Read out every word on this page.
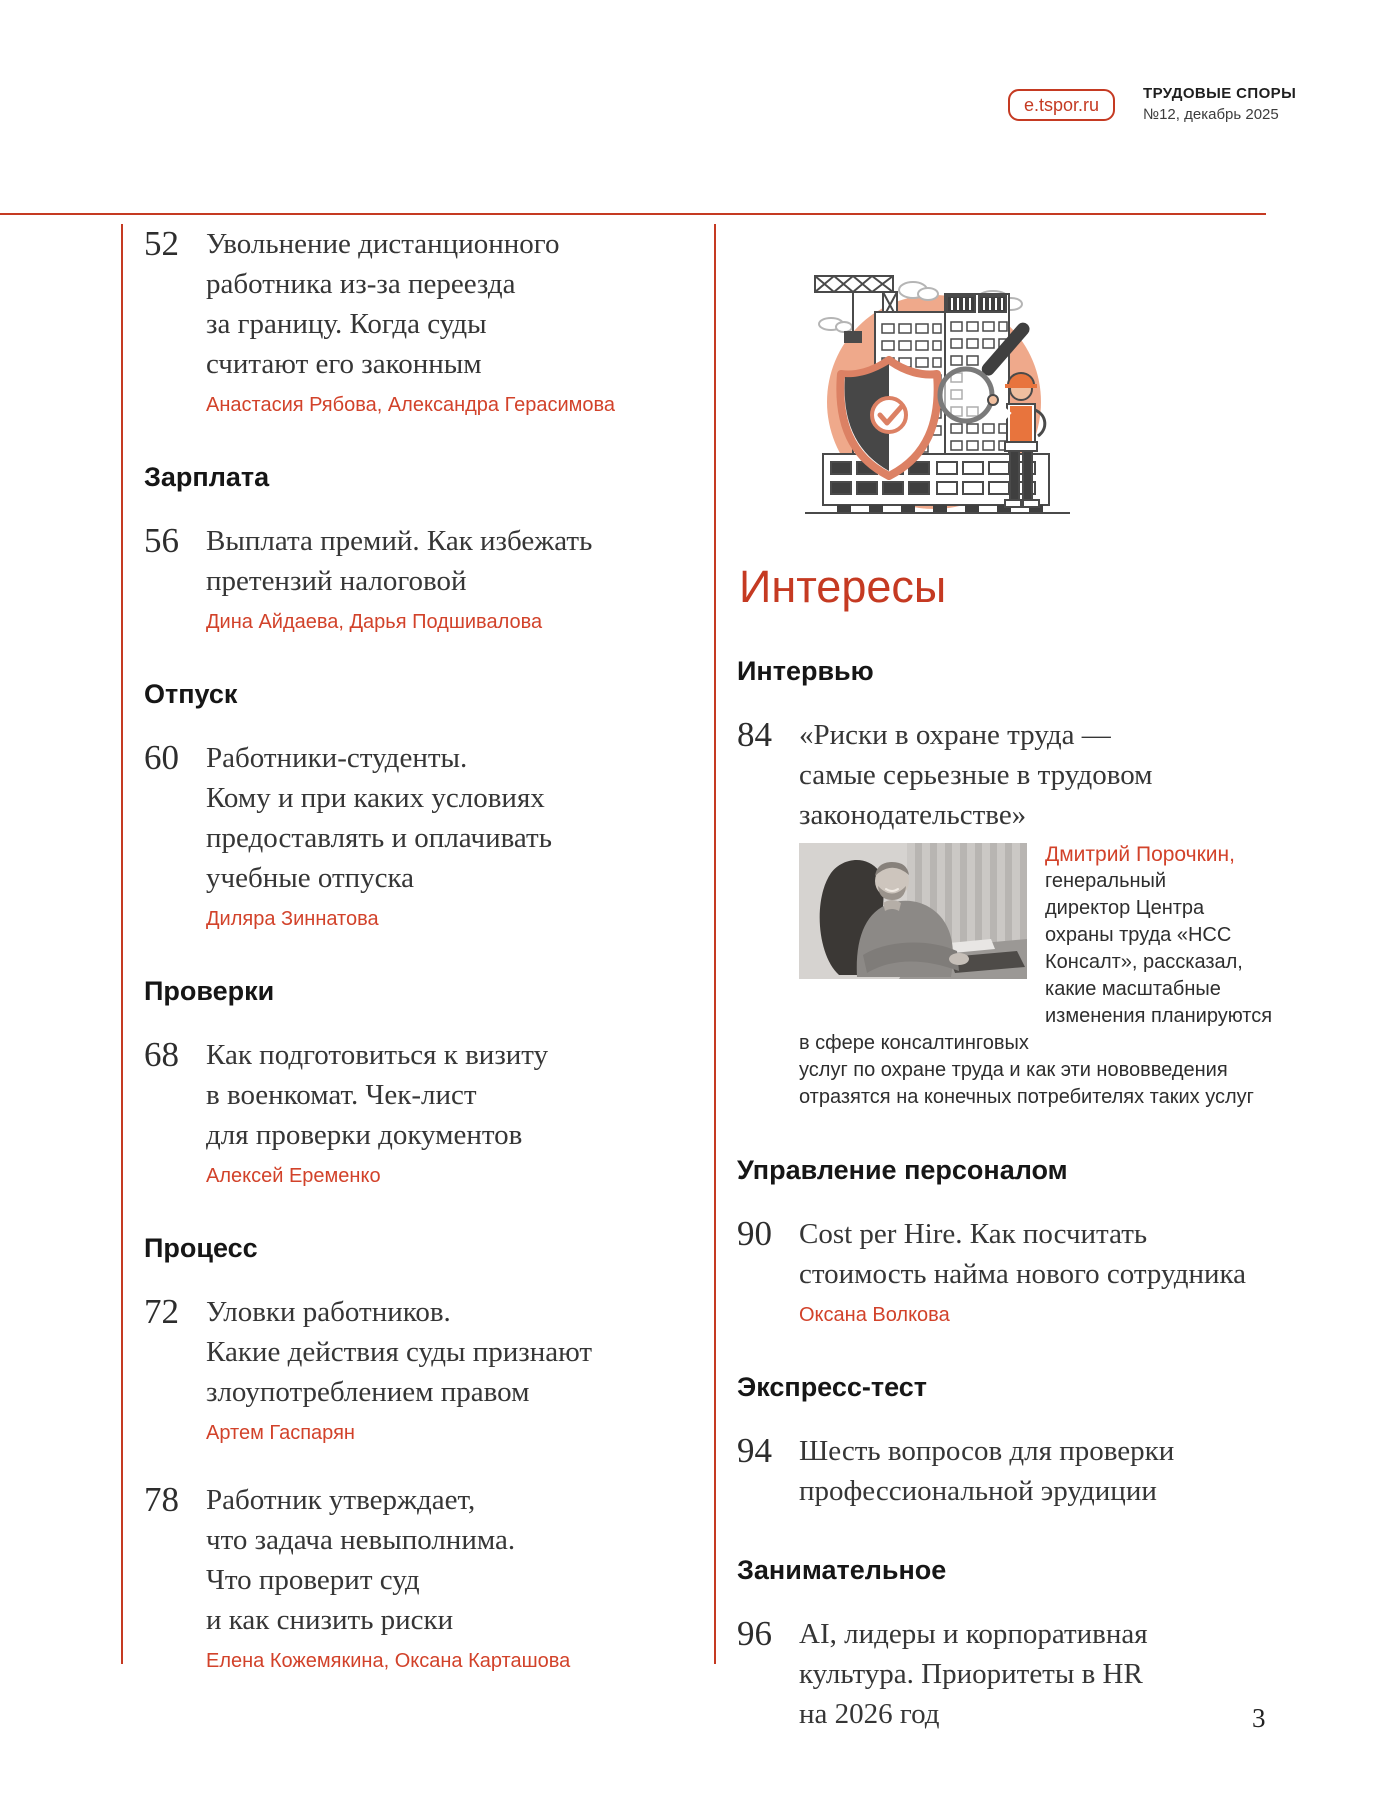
e.tspor.ru
ТРУДОВЫЕ СПОРЫ
№12, декабрь 2025
52 Увольнение дистанционного
работника из-за переезда
за границу. Когда суды
считают его законным
Анастасия Рябова, Александра Герасимова
Зарплата
56 Выплата премий. Как избежать
претензий налоговой
Дина Айдаева, Дарья Подшивалова
Отпуск
60 Работники-студенты.
Кому и при каких условиях
предоставлять и оплачивать
учебные отпуска
Диляра Зиннатова
Проверки
68 Как подготовиться к визиту
в военкомат. Чек-лист
для проверки документов
Алексей Еременко
Процесс
72 Уловки работников.
Какие действия суды признают
злоупотреблением правом
Артем Гаспарян
78 Работник утверждает,
что задача невыполнима.
Что проверит суд
и как снизить риски
Елена Кожемякина, Оксана Карташова
Интересы
Интервью
84 «Риски в охране труда —
самые серьезные в трудовом
законодательстве»
Дмитрий Порочкин,
генеральный
директор Центра
охраны труда «НСС
Консалт», рассказал,
какие масштабные
изменения планируются в сфере консалтинговых
услуг по охране труда и как эти нововведения
отразятся на конечных потребителях таких услуг
Управление персоналом
90 Cost per Hire. Как посчитать
стоимость найма нового сотрудника
Оксана Волкова
Экспресс-тест
94 Шесть вопросов для проверки
профессиональной эрудиции
Занимательное
96 AI, лидеры и корпоративная
культура. Приоритеты в HR
на 2026 год	3
